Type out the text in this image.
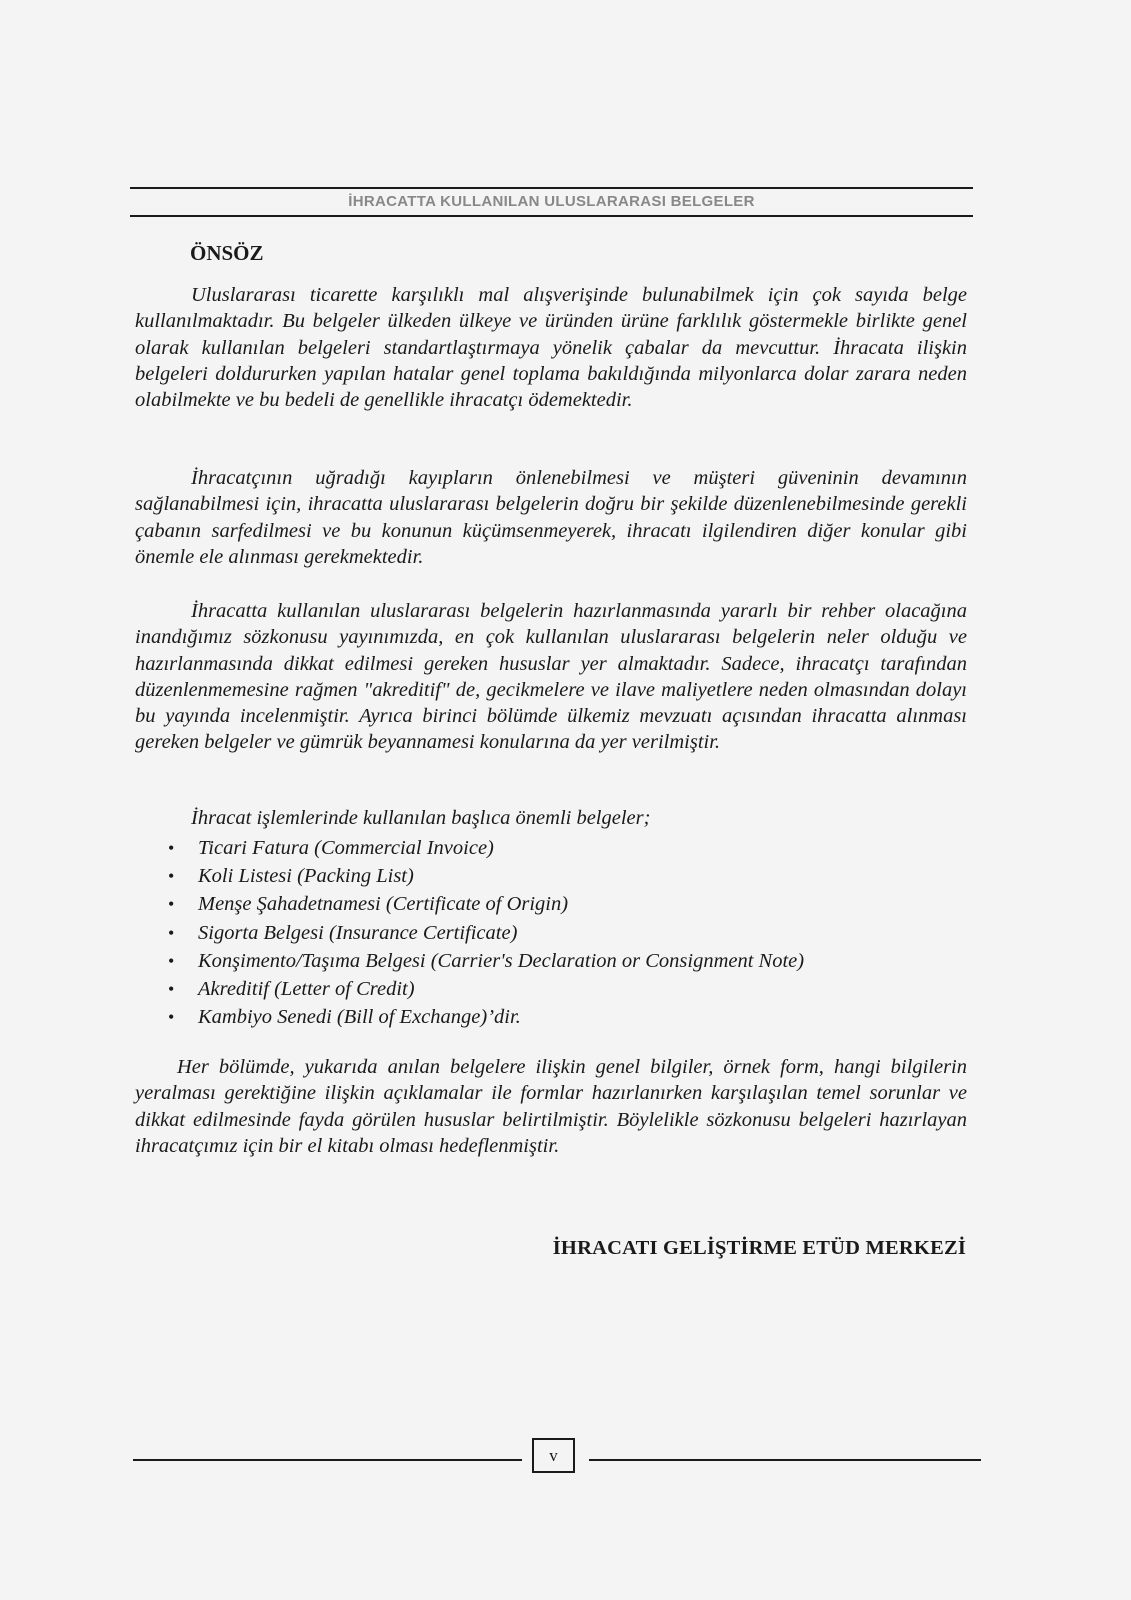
İHRACATTA KULLANILAN ULUSLARARASI BELGELER
ÖNSÖZ

Uluslararası ticarette karşılıklı mal alışverişinde bulunabilmek için çok sayıda belge kullanılmaktadır. Bu belgeler ülkeden ülkeye ve üründen ürüne farklılık göstermekle birlikte genel olarak kullanılan belgeleri standartlaştırmaya yönelik çabalar da mevcuttur. İhracata ilişkin belgeleri doldururken yapılan hatalar genel toplama bakıldığında milyonlarca dolar zarara neden olabilmekte ve bu bedeli de genellikle ihracatçı ödemektedir.

İhracatçının uğradığı kayıpların önlenebilmesi ve müşteri güveninin devamının sağlanabilmesi için, ihracatta uluslararası belgelerin doğru bir şekilde düzenlenebilmesinde gerekli çabanın sarfedilmesi ve bu konunun küçümsenmeyerek, ihracatı ilgilendiren diğer konular gibi önemle ele alınması gerekmektedir.

İhracatta kullanılan uluslararası belgelerin hazırlanmasında yararlı bir rehber olacağına inandığımız sözkonusu yayınımızda, en çok kullanılan uluslararası belgelerin neler olduğu ve hazırlanmasında dikkat edilmesi gereken hususlar yer almaktadır. Sadece, ihracatçı tarafından düzenlenmemesine rağmen "akreditif" de, gecikmelere ve ilave maliyetlere neden olmasından dolayı bu yayında incelenmiştir. Ayrıca birinci bölümde ülkemiz mevzuatı açısından ihracatta alınması gereken belgeler ve gümrük beyannamesi konularına da yer verilmiştir.

İhracat işlemlerinde kullanılan başlıca önemli belgeler;

• Ticari Fatura (Commercial Invoice)
• Koli Listesi (Packing List)
• Menşe Şahadetnamesi (Certificate of Origin)
• Sigorta Belgesi (Insurance Certificate)
• Konşimento/Taşıma Belgesi (Carrier's Declaration or Consignment Note)
• Akreditif (Letter of Credit)
• Kambiyo Senedi (Bill of Exchange)’dir.

Her bölümde, yukarıda anılan belgelere ilişkin genel bilgiler, örnek form, hangi bilgilerin yeralması gerektiğine ilişkin açıklamalar ile formlar hazırlanırken karşılaşılan temel sorunlar ve dikkat edilmesinde fayda görülen hususlar belirtilmiştir. Böylelikle sözkonusu belgeleri hazırlayan ihracatçımız için bir el kitabı olması hedeflenmiştir.

İHRACATI GELİŞTİRME ETÜD MERKEZİ

v
